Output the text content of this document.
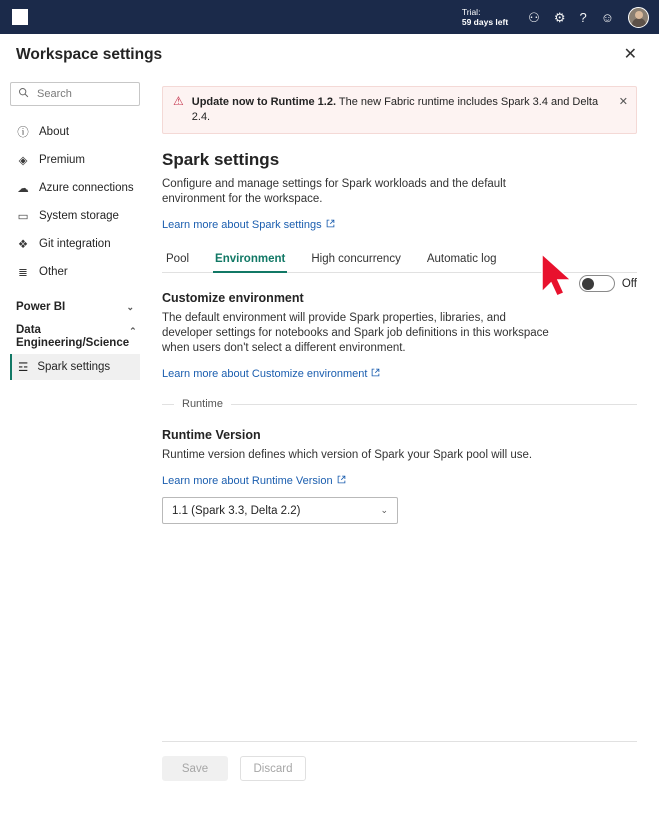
Trial:
59 days left ⚇ ⚙ ? ☺
Workspace settings	✕
Search
ⓘ About
◈ Premium
☁ Azure connections
▭ System storage
❖ Git integration
≣ Other
Power BI	⌄
Data Engineering/Science
⌃
☲ Spark settings
⚠ Update now to Runtime 1.2. The new Fabric runtime includes Spark 3.4 and Delta 2.4.
✕
Spark settings

Configure and manage settings for Spark workloads and the default environment for the workspace.

Learn more about Spark settings
Pool Environment High concurrency Automatic log
Customize environment

The default environment will provide Spark properties, libraries, and developer settings for notebooks and Spark job definitions in this workspace when users don't select a different environment.

Learn more about Customize environment
Off
Runtime
Runtime Version

Runtime version defines which version of Spark your Spark pool will use.

Learn more about Runtime Version
1.1 (Spark 3.3, Delta 2.2)	⌄
Save	Discard
